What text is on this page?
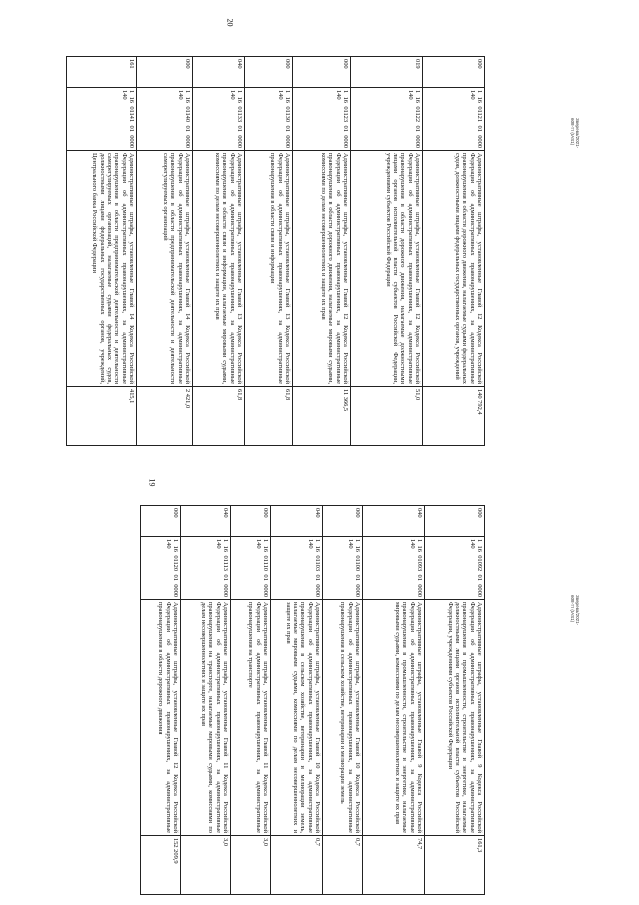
19
000	1 16 01092 01 0000 140	Административные штрафы, установленные Главой 9 Кодекса Российской Федерации об административных правонарушениях, за административные правонарушения в промышленности, строительстве и энергетике, налагаемые должностными лицами органов исполнительной власти субъектов Российской Федерации, учреждениями субъектов Российской Федерации	161,3
040	1 16 01093 01 0000 140	Административные штрафы, установленные Главой 9 Кодекса Российской Федерации об административных правонарушениях, за административные правонарушения в промышленности, строительстве и энергетике, налагаемые мировыми судьями, комиссиями по делам несовершеннолетних и защите их прав	74,7
000	1 16 01100 01 0000 140	Административные штрафы, установленные Главой 10 Кодекса Российской Федерации об административных правонарушениях, за административные правонарушения в сельском хозяйстве, ветеринарии и мелиорации земель	0,7
040	1 16 01103 01 0000 140	Административные штрафы, установленные Главой 10 Кодекса Российской Федерации об административных правонарушениях, за административные правонарушения в сельском хозяйстве, ветеринарии и мелиорации земель, налагаемые мировыми судьями, комиссиями по делам несовершеннолетних и защите их прав	0,7
000	1 16 01110 01 0000 140	Административные штрафы, установленные Главой 11 Кодекса Российской Федерации об административных правонарушениях, за административные правонарушения на транспорте	3,0
040	1 16 01113 01 0000 140	Административные штрафы, установленные Главой 11 Кодекса Российской Федерации об административных правонарушениях, за административные правонарушения на транспорте, налагаемые мировыми судьями, комиссиями по делам несовершеннолетних и защите их прав	3,0
000	1 16 01120 01 0000 140	Административные штрафы, установленные Главой 12 Кодекса Российской Федерации об административных правонарушениях, за административные правонарушения в области дорожного движения	152 209,9
Зверева/2021-608-тт (IAS1)
20
000	1 16 01121 01 0000 140	Административные штрафы, установленные Главой 12 Кодекса Российской Федерации об административных правонарушениях, за административные правонарушения в области дорожного движения, налагаемые судьями федеральных судов, должностными лицами федеральных государственных органов, учреждений	140 792,4
019	1 16 01122 01 0000 140	Административные штрафы, установленные Главой 12 Кодекса Российской Федерации об административных правонарушениях, за административные правонарушения в области дорожного движения, налагаемые должностными лицами органов исполнительной власти субъектов Российской Федерации, учреждениями субъектов Российской Федерации	51,0
000	1 16 01123 01 0000 140	Административные штрафы, установленные Главой 12 Кодекса Российской Федерации об административных правонарушениях, за административные правонарушения в области дорожного движения, налагаемые мировыми судьями, комиссиями по делам несовершеннолетних и защите их прав	11 366,5
000	1 16 01130 01 0000 140	Административные штрафы, установленные Главой 13 Кодекса Российской Федерации об административных правонарушениях, за административные правонарушения в области связи и информации	61,8
040	1 16 01133 01 0000 140	Административные штрафы, установленные Главой 13 Кодекса Российской Федерации об административных правонарушениях, за административные правонарушения в области связи и информации, налагаемые мировыми судьями, комиссиями по делам несовершеннолетних и защите их прав	61,8
000	1 16 01140 01 0000 140	Административные штрафы, установленные Главой 14 Кодекса Российской Федерации об административных правонарушениях, за административные правонарушения в области предпринимательской деятельности и деятельности саморегулируемых организаций	2 421,0
161	1 16 01141 01 0000 140	Административные штрафы, установленные Главой 14 Кодекса Российской Федерации об административных правонарушениях, за административные правонарушения в области предпринимательской деятельности и деятельности саморегулируемых организаций, налагаемые судьями федеральных судов, должностными лицами федеральных государственных органов, учреждений, Центрального банка Российской Федерации	415,1
Зверева/2021-608-тт (IAS1)
